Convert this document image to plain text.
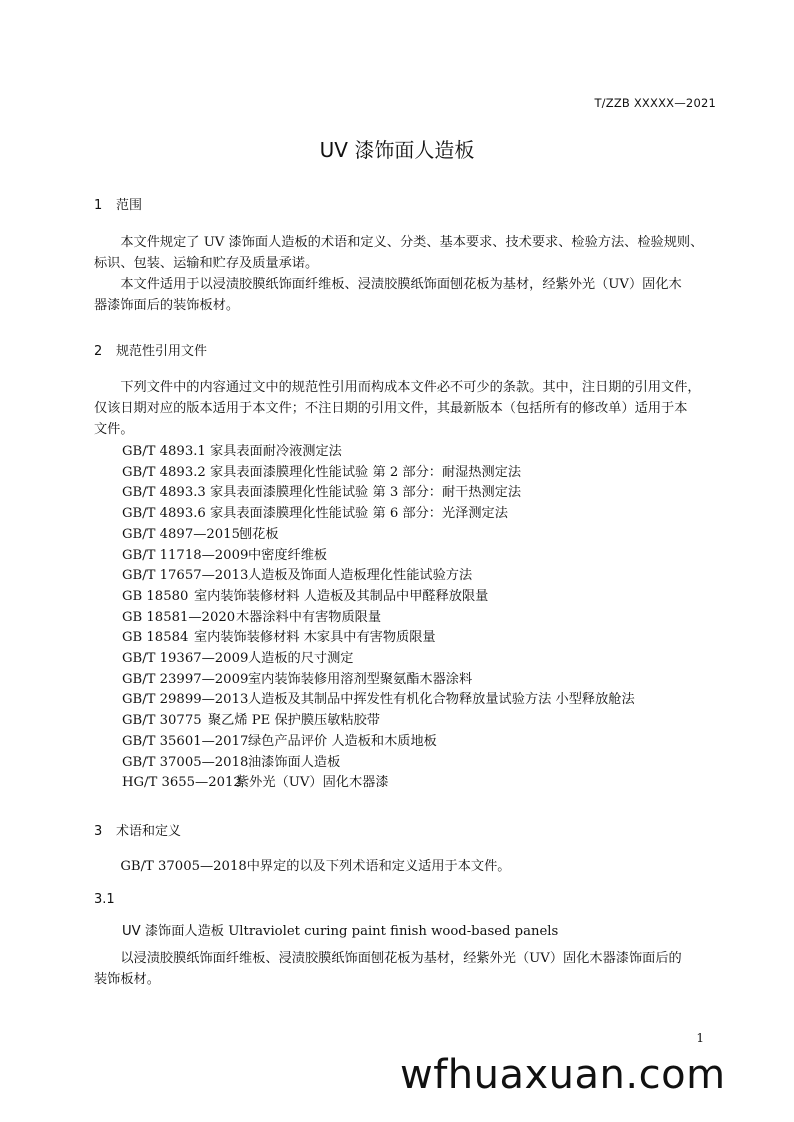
T/ZZB XXXXX—2021
UV 漆饰面人造板
1 范围
　　本文件规定了 UV 漆饰面人造板的术语和定义、分类、基本要求、技术要求、检验方法、检验规则、
标识、包装、运输和贮存及质量承诺。
　　本文件适用于以浸渍胶膜纸饰面纤维板、浸渍胶膜纸饰面刨花板为基材，经紫外光（UV）固化木
器漆饰面后的装饰板材。
2 规范性引用文件
　　下列文件中的内容通过文中的规范性引用而构成本文件必不可少的条款。其中，注日期的引用文件，
仅该日期对应的版本适用于本文件；不注日期的引用文件，其最新版本（包括所有的修改单）适用于本
文件。
GB/T 4893.1 家具表面耐冷液测定法
GB/T 4893.2 家具表面漆膜理化性能试验 第 2 部分：耐湿热测定法
GB/T 4893.3 家具表面漆膜理化性能试验 第 3 部分：耐干热测定法
GB/T 4893.6 家具表面漆膜理化性能试验 第 6 部分：光泽测定法
GB/T 4897—2015刨花板
GB/T 11718—2009中密度纤维板
GB/T 17657—2013人造板及饰面人造板理化性能试验方法
GB 18580 室内装饰装修材料 人造板及其制品中甲醛释放限量
GB 18581—2020木器涂料中有害物质限量
GB 18584 室内装饰装修材料 木家具中有害物质限量
GB/T 19367—2009人造板的尺寸测定
GB/T 23997—2009室内装饰装修用溶剂型聚氨酯木器涂料
GB/T 29899—2013人造板及其制品中挥发性有机化合物释放量试验方法 小型释放舱法
GB/T 30775 聚乙烯 PE 保护膜压敏粘胶带
GB/T 35601—2017绿色产品评价 人造板和木质地板
GB/T 37005—2018油漆饰面人造板
HG/T 3655—2012紫外光（UV）固化木器漆
3 术语和定义
　　GB/T 37005—2018中界定的以及下列术语和定义适用于本文件。
3.1
UV 漆饰面人造板 Ultraviolet curing paint finish wood-based panels
　　以浸渍胶膜纸饰面纤维板、浸渍胶膜纸饰面刨花板为基材，经紫外光（UV）固化木器漆饰面后的
装饰板材。
1
wfhuaxuan.com
